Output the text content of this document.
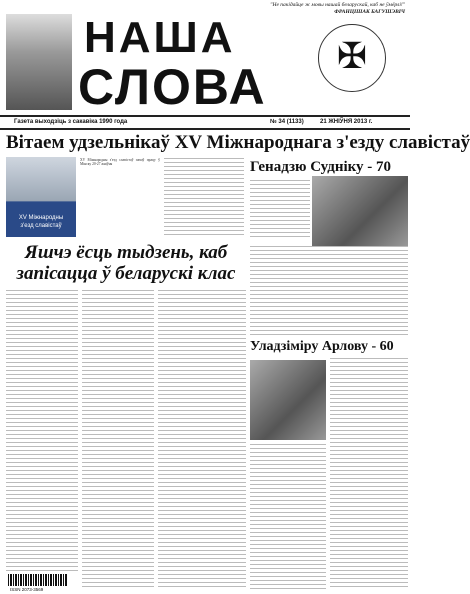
"Не пакідайце ж мовы нашай беларускай, каб не ўмёрлі!"
ФРАНЦІШАК БАГУШЭВІЧ
НАША
СЛОВА
✠
Газета выходзіць з сакавіка 1990 года	№ 34 (1133)	21 ЖНІЎНЯ 2013 г.
Вітаем удзельнікаў XV Міжнароднага з'езду славістаў
XV Міжнародны
з'езд славістаў
XV Міжнародны з'езд славістаў пачаў працу ў Мінску 20-27 жніўня	Генадзю Судніку - 70
Яшчэ ёсць тыдзень, каб
запісацца ў беларускі клас
Уладзіміру Арлову - 60
ISSN 2073-3569
